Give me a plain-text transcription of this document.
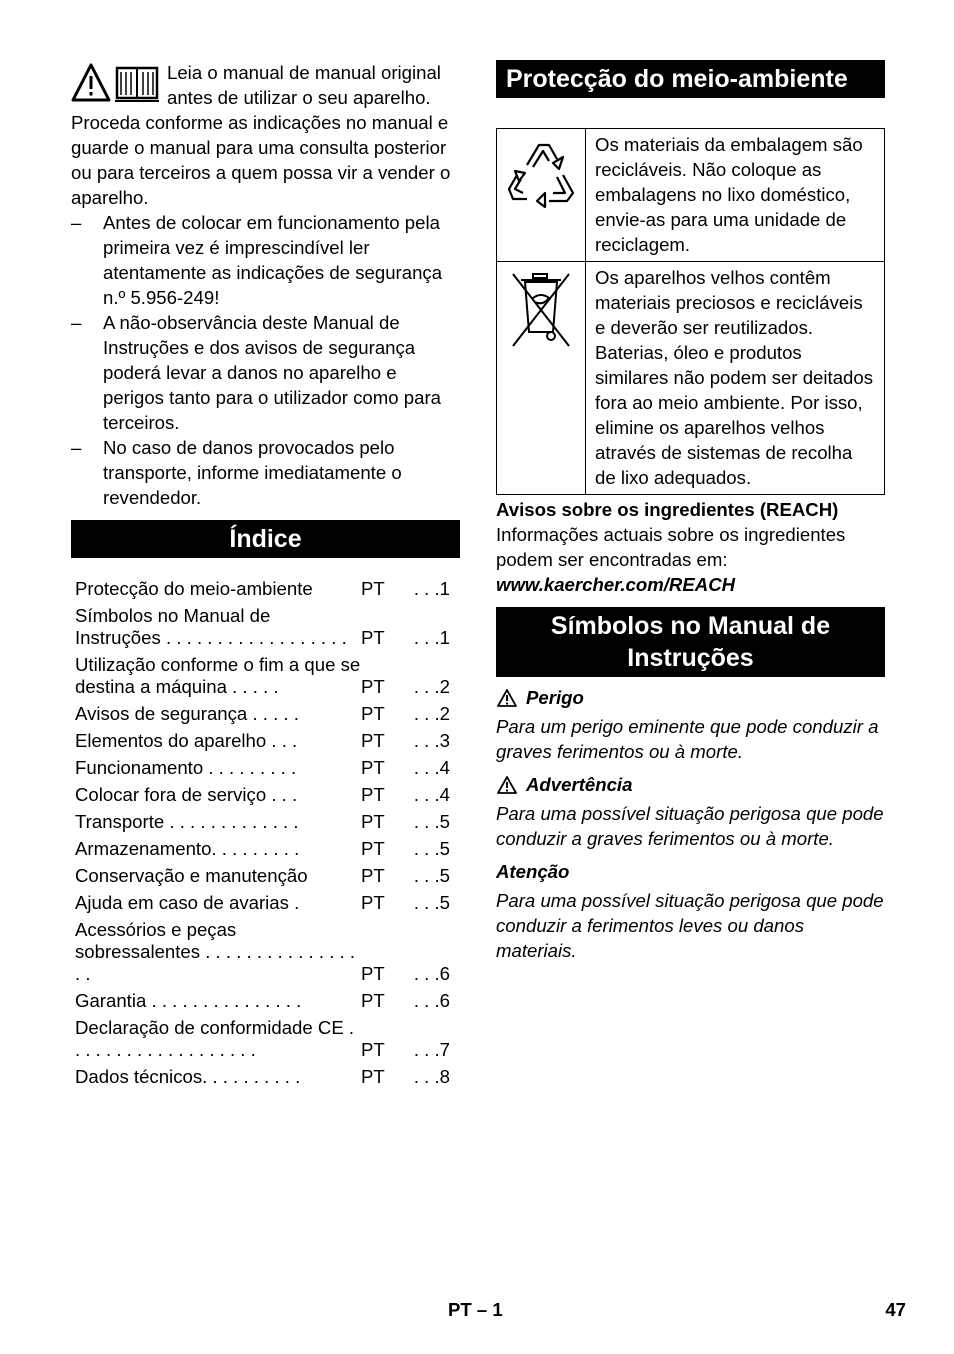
Leia o manual de manual original antes de utilizar o seu aparelho. Proceda conforme as indicações no manual e guarde o manual para uma consulta posterior ou para terceiros a quem possa vir a vender o aparelho.

– Antes de colocar em funcionamento pela primeira vez é imprescindível ler atentamente as indicações de segurança n.º 5.956-249!
– A não-observância deste Manual de Instruções e dos avisos de segurança poderá levar a danos no aparelho e perigos tanto para o utilizador como para terceiros.
– No caso de danos provocados pelo transporte, informe imediatamente o revendedor.
Índice
Protecção do meio-ambiente	PT	. . .1
Símbolos no Manual de Instruções . . . . . . . . . . . . . . . . . .	PT	. . .1
Utilização conforme o fim a que se destina a máquina . . . . .	PT	. . .2
Avisos de segurança . . . . .	PT	. . .2
Elementos do aparelho . . .	PT	. . .3
Funcionamento . . . . . . . . .	PT	. . .4
Colocar fora de serviço . . .	PT	. . .4
Transporte . . . . . . . . . . . . .	PT	. . .5
Armazenamento. . . . . . . . .	PT	. . .5
Conservação e manutenção	PT	. . .5
Ajuda em caso de avarias .	PT	. . .5
Acessórios e peças sobressalentes . . . . . . . . . . . . . . . . .	PT	. . .6
Garantia . . . . . . . . . . . . . . .	PT	. . .6
Declaração de conformidade CE . . . . . . . . . . . . . . . . . . .	PT	. . .7
Dados técnicos. . . . . . . . . .	PT	. . .8
Protecção do meio-ambiente
	Os materiais da embalagem são recicláveis. Não coloque as embalagens no lixo doméstico, envie-as para uma unidade de reciclagem.
	Os aparelhos velhos contêm materiais preciosos e recicláveis e deverão ser reutilizados. Baterias, óleo e produtos similares não podem ser deitados fora ao meio ambiente. Por isso, elimine os aparelhos velhos através de sistemas de recolha de lixo adequados.

Avisos sobre os ingredientes (REACH)

Informações actuais sobre os ingredientes podem ser encontradas em:

www.kaercher.com/REACH

Símbolos no Manual de Instruções
Perigo

Para um perigo eminente que pode conduzir a graves ferimentos ou à morte.

Advertência

Para uma possível situação perigosa que pode conduzir a graves ferimentos ou à morte.

Atenção

Para uma possível situação perigosa que pode conduzir a ferimentos leves ou danos materiais.

PT – 1	47
